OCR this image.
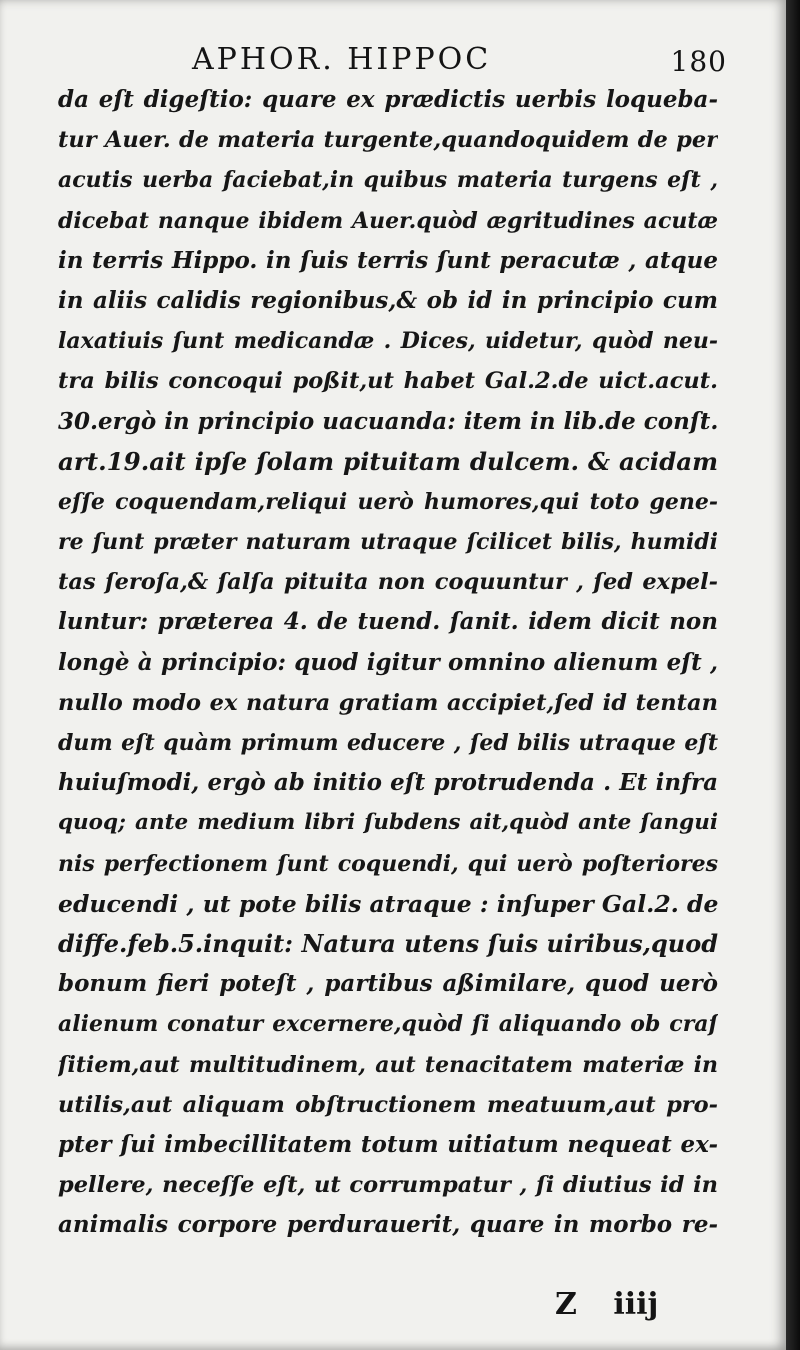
APHOR. HIPPOC	180
da eſt digeſtio: quare ex prædictis uerbis loqueba-
tur Auer. de materia turgente,quandoquidem de per
acutis uerba faciebat,in quibus materia turgens eſt ,
dicebat nanque ibidem Auer.quòd ægritudines acutæ
in terris Hippo. in ſuis terris ſunt peracutæ , atque
in aliis calidis regionibus,& ob id in principio cum
laxatiuis ſunt medicandæ . Dices, uidetur, quòd neu-
tra bilis concoqui poßit,ut habet Gal.2.de uict.acut.
30.ergò in principio uacuanda: item in lib.de conſt.
art.19.ait ipſe ſolam pituitam dulcem. & acidam
eſſe coquendam,reliqui uerò humores,qui toto gene-
re ſunt præter naturam utraque ſcilicet bilis, humidi
tas ſeroſa,& ſalſa pituita non coquuntur , ſed expel-
luntur: præterea 4. de tuend. ſanit. idem dicit non
longè à principio: quod igitur omnino alienum eſt ,
nullo modo ex natura gratiam accipiet,ſed id tentan
dum eſt quàm primum educere , ſed bilis utraque eſt
huiuſmodi, ergò ab initio eſt protrudenda . Et infra
quoq; ante medium libri ſubdens ait,quòd ante ſangui
nis perfectionem ſunt coquendi, qui uerò poſteriores
educendi , ut pote bilis atraque : inſuper Gal.2. de
diffe.feb.5.inquit: Natura utens ſuis uiribus,quod
bonum fieri poteſt , partibus aßimilare, quod uerò
alienum conatur excernere,quòd ſi aliquando ob craſ
ſitiem,aut multitudinem, aut tenacitatem materiæ in
utilis,aut aliquam obſtructionem meatuum,aut pro-
pter ſui imbecillitatem totum uitiatum nequeat ex-
pellere, neceſſe eſt, ut corrumpatur , ſi diutius id in
animalis corpore perdurauerit, quare in morbo re-
Z iiij
